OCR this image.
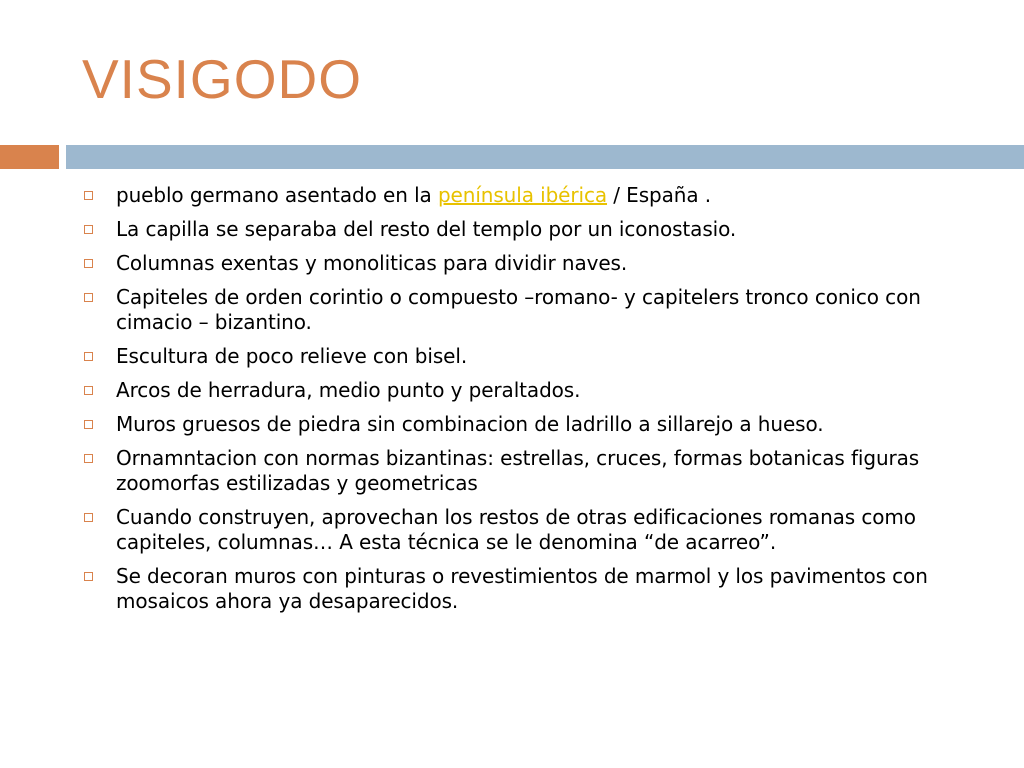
VISIGODO
pueblo germano asentado en la península ibérica / España .
La capilla se separaba del resto del templo por un iconostasio.
Columnas exentas y monoliticas para dividir naves.
Capiteles de orden corintio o compuesto –romano- y capitelers tronco conico con cimacio – bizantino.
Escultura de poco relieve con bisel.
Arcos de herradura, medio punto y peraltados.
Muros gruesos de piedra sin combinacion de ladrillo a sillarejo a hueso.
Ornamntacion con normas bizantinas: estrellas, cruces, formas botanicas figuras zoomorfas estilizadas y geometricas
Cuando construyen, aprovechan los restos de otras edificaciones romanas como capiteles, columnas… A esta técnica se le denomina “de acarreo”.
Se decoran muros con pinturas o revestimientos de marmol y los pavimentos con mosaicos ahora ya desaparecidos.
